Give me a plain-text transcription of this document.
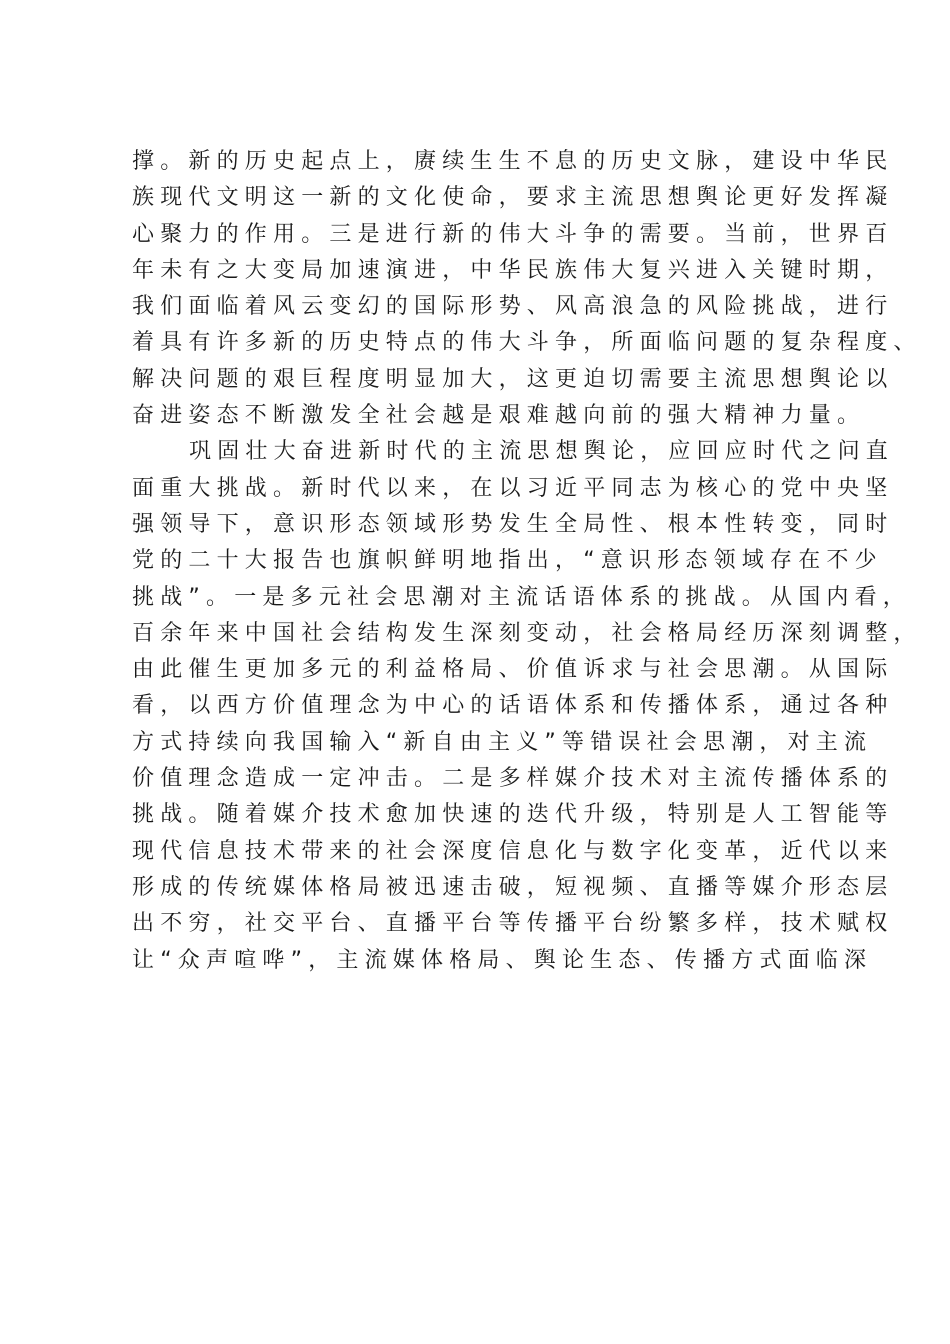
撑。新的历史起点上，赓续生生不息的历史文脉，建设中华民
族现代文明这一新的文化使命，要求主流思想舆论更好发挥凝
心聚力的作用。三是进行新的伟大斗争的需要。当前，世界百
年未有之大变局加速演进，中华民族伟大复兴进入关键时期，
我们面临着风云变幻的国际形势、风高浪急的风险挑战，进行
着具有许多新的历史特点的伟大斗争，所面临问题的复杂程度、
解决问题的艰巨程度明显加大，这更迫切需要主流思想舆论以
奋进姿态不断激发全社会越是艰难越向前的强大精神力量。
巩固壮大奋进新时代的主流思想舆论，应回应时代之问直
面重大挑战。新时代以来，在以习近平同志为核心的党中央坚
强领导下，意识形态领域形势发生全局性、根本性转变，同时
党的二十大报告也旗帜鲜明地指出，“意识形态领域存在不少
挑战”。一是多元社会思潮对主流话语体系的挑战。从国内看，
百余年来中国社会结构发生深刻变动，社会格局经历深刻调整，
由此催生更加多元的利益格局、价值诉求与社会思潮。从国际
看，以西方价值理念为中心的话语体系和传播体系，通过各种
方式持续向我国输入“新自由主义”等错误社会思潮，对主流
价值理念造成一定冲击。二是多样媒介技术对主流传播体系的
挑战。随着媒介技术愈加快速的迭代升级，特别是人工智能等
现代信息技术带来的社会深度信息化与数字化变革，近代以来
形成的传统媒体格局被迅速击破，短视频、直播等媒介形态层
出不穷，社交平台、直播平台等传播平台纷繁多样，技术赋权
让“众声喧哗”，主流媒体格局、舆论生态、传播方式面临深
